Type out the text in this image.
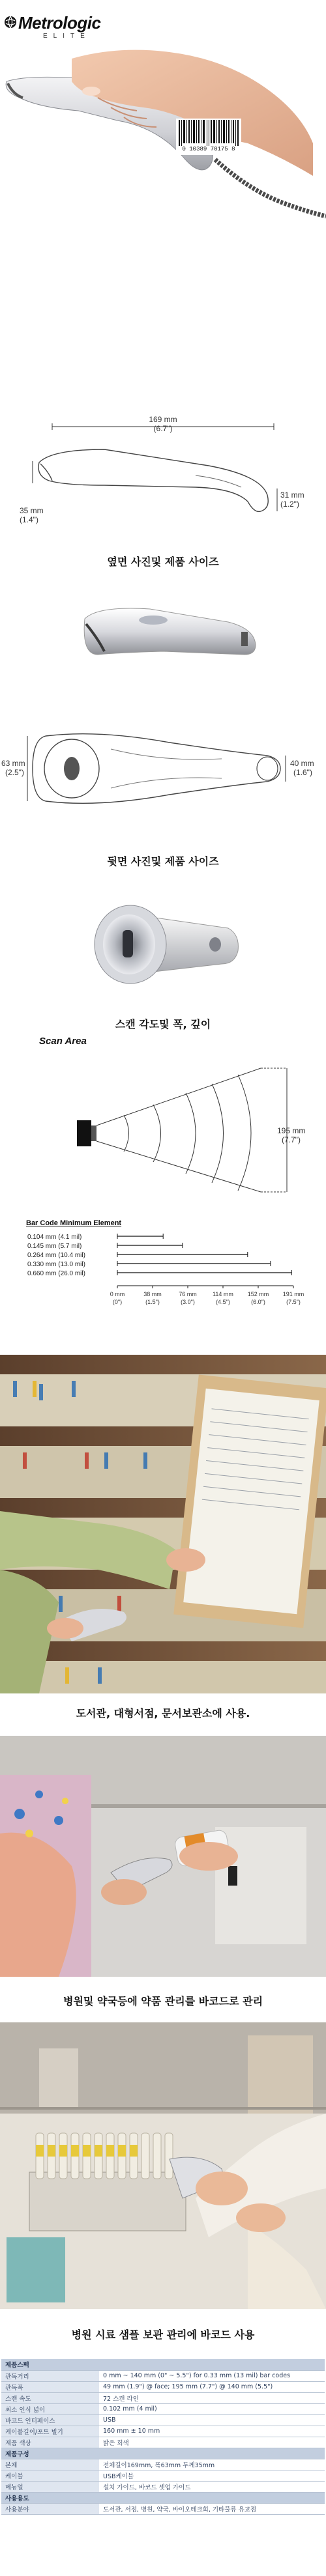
Metrologic
ELITE
0 10389 70175 8
169 mm
(6.7")
35 mm
(1.4")
31 mm
(1.2")
옆면 사진및 제품 사이즈
63 mm
(2.5")
40 mm
(1.6")
뒷면 사진및 제품 사이즈
스캔 각도및 폭, 깊이
Scan Area
195 mm
(7.7")
Bar Code Minimum Element
0.104 mm (4.1 mil)
0.145 mm (5.7 mil)
0.264 mm (10.4 mil)
0.330 mm (13.0 mil)
0.660 mm (26.0 mil)
0 mm
(0")
38 mm
(1.5")
76 mm
(3.0")
114 mm
(4.5")
152 mm
(6.0")
191 mm
(7.5")
도서관, 대형서점, 문서보관소에 사용.
병원및 약국등에 약품 관리를 바코드로 관리
병원 시료 샘플 보관 관리에 바코드 사용
제품스펙	
관독거리	0 mm ~ 140 mm (0" ~ 5.5") for 0.33 mm (13 mil) bar codes
관독폭	49 mm (1.9") @ face; 195 mm (7.7") @ 140 mm (5.5")
스캔 속도	72 스캔 라인
최소 인식 넓이	0.102 mm (4 mil)
바코드 인터페이스	USB
케이블길이/포트 빌기	160 mm ± 10 mm
제품 색상	밝은 회색
제품구성	
본체	전체길이169mm, 폭63mm 두께35mm
케이블	USB케이블
메뉴얼	설치 가이드, 바코드 셋업 가이드
사용용도	
사용분야	도서관, 서점, 병원, 약국, 바이오테크회, 기타물류 유교점
